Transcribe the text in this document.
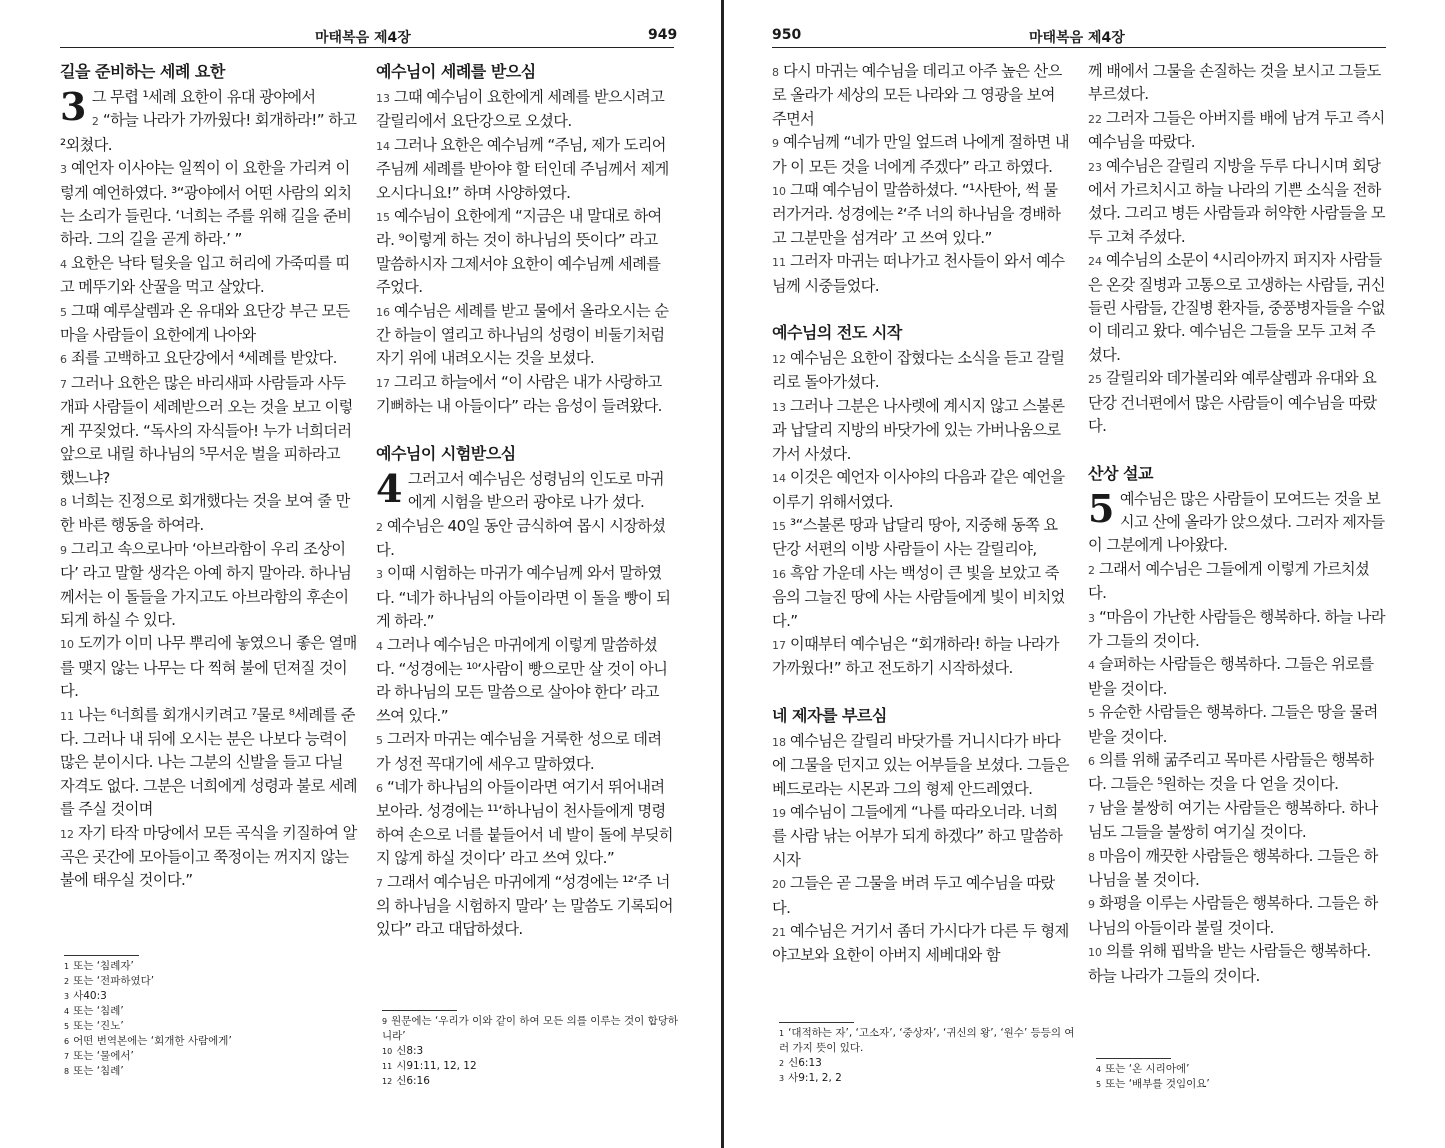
마태복음 제4장	949
길을 준비하는 세례 요한

3 그 무렵 ¹세례 요한이 유대 광야에서

2 “하늘 나라가 가까웠다! 회개하라!” 하고 ²외쳤다.

3 예언자 이사야는 일찍이 이 요한을 가리켜 이렇게 예언하였다. ³“광야에서 어떤 사람의 외치는 소리가 들린다. ‘너희는 주를 위해 길을 준비하라. 그의 길을 곧게 하라.’ ”

4 요한은 낙타 털옷을 입고 허리에 가죽띠를 띠고 메뚜기와 산꿀을 먹고 살았다.

5 그때 예루살렘과 온 유대와 요단강 부근 모든 마을 사람들이 요한에게 나아와

6 죄를 고백하고 요단강에서 ⁴세례를 받았다.

7 그러나 요한은 많은 바리새파 사람들과 사두개파 사람들이 세례받으러 오는 것을 보고 이렇게 꾸짖었다. “독사의 자식들아! 누가 너희더러 앞으로 내릴 하나님의 ⁵무서운 벌을 피하라고 했느냐?

8 너희는 진정으로 회개했다는 것을 보여 줄 만한 바른 행동을 하여라.

9 그리고 속으로나마 ‘아브라함이 우리 조상이다’ 라고 말할 생각은 아예 하지 말아라. 하나님께서는 이 돌들을 가지고도 아브라함의 후손이 되게 하실 수 있다.

10 도끼가 이미 나무 뿌리에 놓였으니 좋은 열매를 맺지 않는 나무는 다 찍혀 불에 던져질 것이다.

11 나는 ⁶너희를 회개시키려고 ⁷물로 ⁸세례를 준다. 그러나 내 뒤에 오시는 분은 나보다 능력이 많은 분이시다. 나는 그분의 신발을 들고 다닐 자격도 없다. 그분은 너희에게 성령과 불로 세례를 주실 것이며

12 자기 타작 마당에서 모든 곡식을 키질하여 알곡은 곳간에 모아들이고 쭉정이는 꺼지지 않는 불에 태우실 것이다.”

예수님이 세례를 받으심

13 그때 예수님이 요한에게 세례를 받으시려고 갈릴리에서 요단강으로 오셨다.

14 그러나 요한은 예수님께 “주님, 제가 도리어 주님께 세례를 받아야 할 터인데 주님께서 제게 오시다니요!” 하며 사양하였다.

15 예수님이 요한에게 “지금은 내 말대로 하여라. ⁹이렇게 하는 것이 하나님의 뜻이다” 라고 말씀하시자 그제서야 요한이 예수님께 세례를 주었다.

16 예수님은 세례를 받고 물에서 올라오시는 순간 하늘이 열리고 하나님의 성령이 비둘기처럼 자기 위에 내려오시는 것을 보셨다.

17 그리고 하늘에서 “이 사람은 내가 사랑하고 기뻐하는 내 아들이다” 라는 음성이 들려왔다.

예수님이 시험받으심

4 그러고서 예수님은 성령님의 인도로 마귀에게 시험을 받으러 광야로 나가 셨다.

2 예수님은 40일 동안 금식하여 몹시 시장하셨다.

3 이때 시험하는 마귀가 예수님께 와서 말하였다. “네가 하나님의 아들이라면 이 돌을 빵이 되게 하라.”

4 그러나 예수님은 마귀에게 이렇게 말씀하셨다. “성경에는 ¹⁰‘사람이 빵으로만 살 것이 아니라 하나님의 모든 말씀으로 살아야 한다’ 라고 쓰여 있다.”

5 그러자 마귀는 예수님을 거룩한 성으로 데려가 성전 꼭대기에 세우고 말하였다.

6 “네가 하나님의 아들이라면 여기서 뛰어내려 보아라. 성경에는 ¹¹‘하나님이 천사들에게 명령하여 손으로 너를 붙들어서 네 발이 돌에 부딪히지 않게 하실 것이다’ 라고 쓰여 있다.”

7 그래서 예수님은 마귀에게 “성경에는 ¹²‘주 너의 하나님을 시험하지 말라’ 는 말씀도 기록되어 있다” 라고 대답하셨다.

$^1$ 또는 ‘침례자’

$^2$ 또는 ‘전파하였다’

$^3$ 사40:3

$^4$ 또는 ‘침례’

$^5$ 또는 ‘진노’

$^6$ 어떤 번역본에는 ‘회개한 사람에게’

$^7$ 또는 ‘물에서’

$^8$ 또는 ‘침례’

$^9$ 원문에는 ‘우리가 이와 같이 하여 모든 의를 이루는 것이 합당하니라’

$^{10}$ 신8:3

$^{11}$ 시91:11, 12, 12

$^{12}$ 신6:16

950	마태복음 제4장

8 다시 마귀는 예수님을 데리고 아주 높은 산으로 올라가 세상의 모든 나라와 그 영광을 보여 주면서

9 예수님께 “네가 만일 엎드려 나에게 절하면 내가 이 모든 것을 너에게 주겠다” 라고 하였다.

10 그때 예수님이 말씀하셨다. “¹사탄아, 썩 물러가거라. 성경에는 ²‘주 너의 하나님을 경배하고 그분만을 섬겨라’ 고 쓰여 있다.”

11 그러자 마귀는 떠나가고 천사들이 와서 예수님께 시중들었다.

예수님의 전도 시작

12 예수님은 요한이 잡혔다는 소식을 듣고 갈릴리로 돌아가셨다.

13 그러나 그분은 나사렛에 계시지 않고 스불론과 납달리 지방의 바닷가에 있는 가버나움으로 가서 사셨다.

14 이것은 예언자 이사야의 다음과 같은 예언을 이루기 위해서였다.

15 ³“스불론 땅과 납달리 땅아, 지중해 동쪽 요단강 서편의 이방 사람들이 사는 갈릴리야,

16 흑암 가운데 사는 백성이 큰 빛을 보았고 죽음의 그늘진 땅에 사는 사람들에게 빛이 비치었다.”

17 이때부터 예수님은 “회개하라! 하늘 나라가 가까웠다!” 하고 전도하기 시작하셨다.

네 제자를 부르심

18 예수님은 갈릴리 바닷가를 거니시다가 바다에 그물을 던지고 있는 어부들을 보셨다. 그들은 베드로라는 시몬과 그의 형제 안드레였다.

19 예수님이 그들에게 “나를 따라오너라. 너희를 사람 낚는 어부가 되게 하겠다” 하고 말씀하시자

20 그들은 곧 그물을 버려 두고 예수님을 따랐다.

21 예수님은 거기서 좀더 가시다가 다른 두 형제 야고보와 요한이 아버지 세베대와 함

께 배에서 그물을 손질하는 것을 보시고 그들도 부르셨다.

22 그러자 그들은 아버지를 배에 남겨 두고 즉시 예수님을 따랐다.

23 예수님은 갈릴리 지방을 두루 다니시며 회당에서 가르치시고 하늘 나라의 기쁜 소식을 전하셨다. 그리고 병든 사람들과 허약한 사람들을 모두 고쳐 주셨다.

24 예수님의 소문이 ⁴시리아까지 퍼지자 사람들은 온갖 질병과 고통으로 고생하는 사람들, 귀신 들린 사람들, 간질병 환자들, 중풍병자들을 수없이 데리고 왔다. 예수님은 그들을 모두 고쳐 주셨다.

25 갈릴리와 데가볼리와 예루살렘과 유대와 요단강 건너편에서 많은 사람들이 예수님을 따랐다.

산상 설교

5 예수님은 많은 사람들이 모여드는 것을 보시고 산에 올라가 앉으셨다. 그러자 제자들이 그분에게 나아왔다.

2 그래서 예수님은 그들에게 이렇게 가르치셨다.

3 “마음이 가난한 사람들은 행복하다. 하늘 나라가 그들의 것이다.

4 슬퍼하는 사람들은 행복하다. 그들은 위로를 받을 것이다.

5 유순한 사람들은 행복하다. 그들은 땅을 물려받을 것이다.

6 의를 위해 굶주리고 목마른 사람들은 행복하다. 그들은 ⁵원하는 것을 다 얻을 것이다.

7 남을 불쌍히 여기는 사람들은 행복하다. 하나님도 그들을 불쌍히 여기실 것이다.

8 마음이 깨끗한 사람들은 행복하다. 그들은 하나님을 볼 것이다.

9 화평을 이루는 사람들은 행복하다. 그들은 하나님의 아들이라 불릴 것이다.

10 의를 위해 핍박을 받는 사람들은 행복하다. 하늘 나라가 그들의 것이다.

$^1$ ‘대적하는 자’, ‘고소자’, ‘중상자’, ‘귀신의 왕’, ‘원수’ 등등의 여러 가지 뜻이 있다.

$^2$ 신6:13

$^3$ 사9:1, 2, 2

$^4$ 또는 ‘온 시리아에’

$^5$ 또는 ‘배부를 것임이요’
